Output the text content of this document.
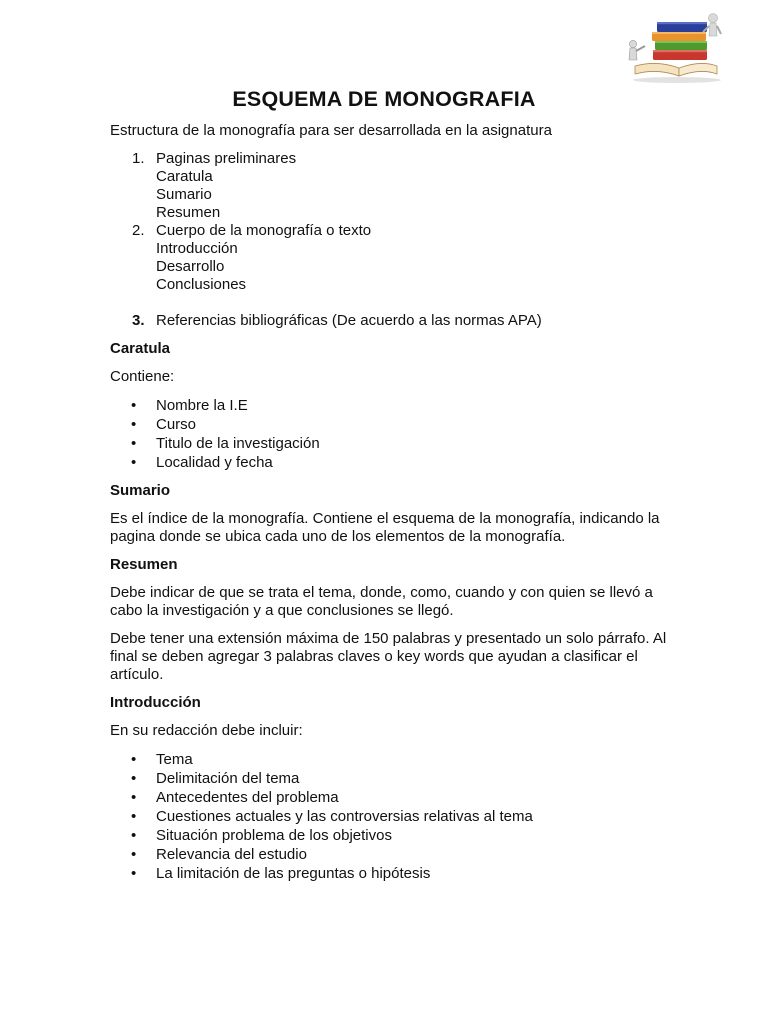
ESQUEMA DE MONOGRAFIA

Estructura de la monografía para ser desarrollada en la asignatura

1. Paginas preliminares
Caratula
Sumario
Resumen
2. Cuerpo de la monografía o texto
Introducción
Desarrollo
Conclusiones
3. Referencias bibliográficas (De acuerdo a las normas APA)

Caratula

Contiene:

• Nombre la I.E
• Curso
• Titulo de la investigación
• Localidad y fecha

Sumario

Es el índice de la monografía. Contiene el esquema de la monografía, indicando la pagina donde se ubica cada uno de los elementos de la monografía.

Resumen

Debe indicar de que se trata el tema, donde, como, cuando y con quien se llevó a cabo la investigación y a que conclusiones se llegó.

Debe tener una extensión máxima de 150 palabras y presentado un solo párrafo. Al final se deben agregar 3 palabras claves o key words que ayudan a clasificar el artículo.

Introducción

En su redacción debe incluir:

• Tema
• Delimitación del tema
• Antecedentes del problema
• Cuestiones actuales y las controversias relativas al tema
• Situación problema de los objetivos
• Relevancia del estudio
• La limitación de las preguntas o hipótesis
